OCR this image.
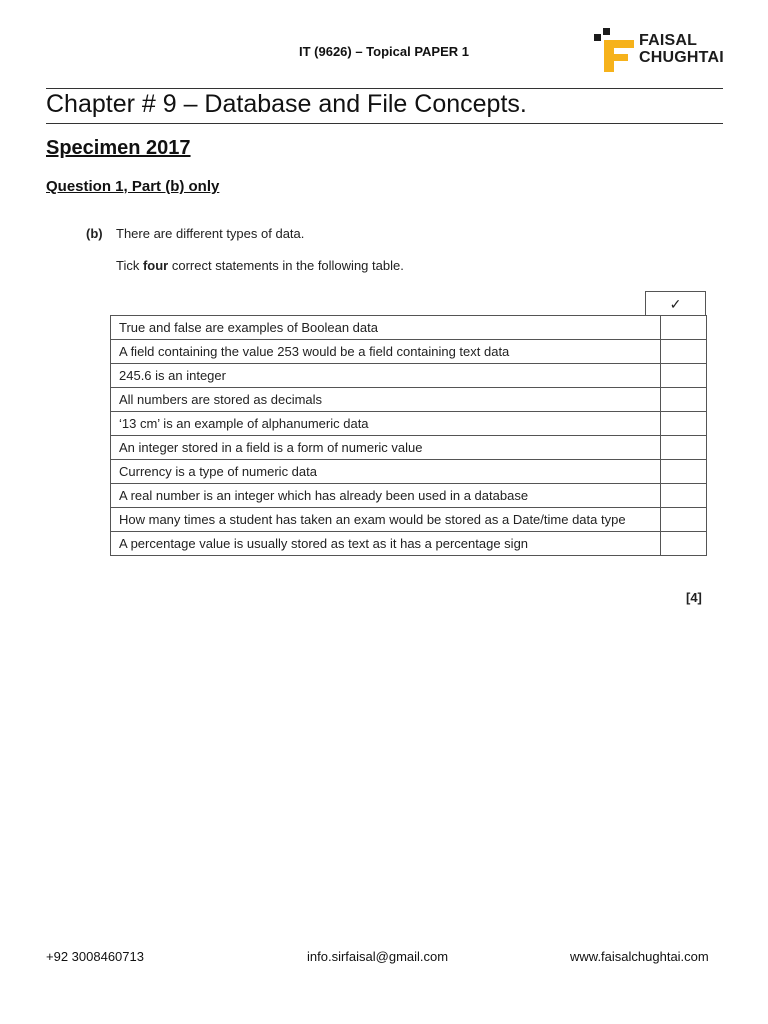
IT (9626) – Topical PAPER 1
FAISAL
CHUGHTAI
Chapter # 9 – Database and File Concepts.
Specimen 2017
Question 1, Part (b) only
(b) There are different types of data.
Tick four correct statements in the following table.
✓
True and false are examples of Boolean data	
A field containing the value 253 would be a field containing text data	
245.6 is an integer	
All numbers are stored as decimals	
‘13 cm’ is an example of alphanumeric data	
An integer stored in a field is a form of numeric value	
Currency is a type of numeric data	
A real number is an integer which has already been used in a database	
How many times a student has taken an exam would be stored as a Date/time data type	
A percentage value is usually stored as text as it has a percentage sign	
[4]
+92 3008460713	info.sirfaisal@gmail.com	www.faisalchughtai.com
